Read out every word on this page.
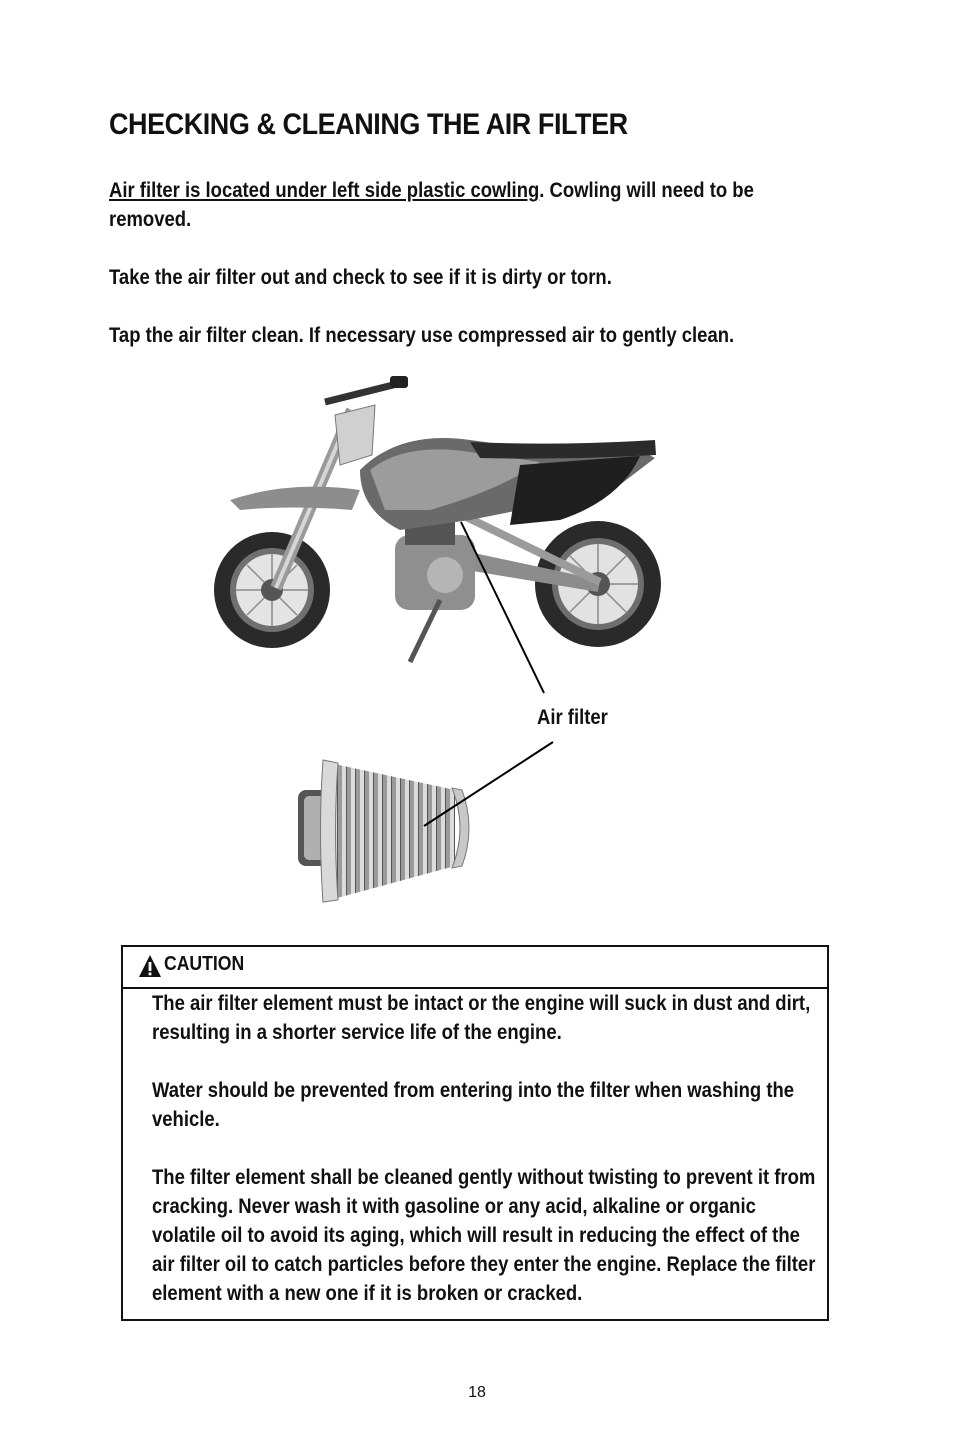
CHECKING & CLEANING THE AIR FILTER

Air filter is located under left side plastic cowling. Cowling will need to be removed.

Take the air filter out and check to see if it is dirty or torn.

Tap the air filter clean. If necessary use compressed air to gently clean.

Air filter
CAUTION

The air filter element must be intact or the engine will suck in dust and dirt, resulting in a shorter service life of the engine.

Water should be prevented from entering into the filter when washing the vehicle.

The filter element shall be cleaned gently without twisting to prevent it from cracking. Never wash it with gasoline or any acid, alkaline or organic volatile oil to avoid its aging, which will result in reducing the effect of the air filter oil to catch particles before they enter the engine. Replace the filter element with a new one if it is broken or cracked.

18
